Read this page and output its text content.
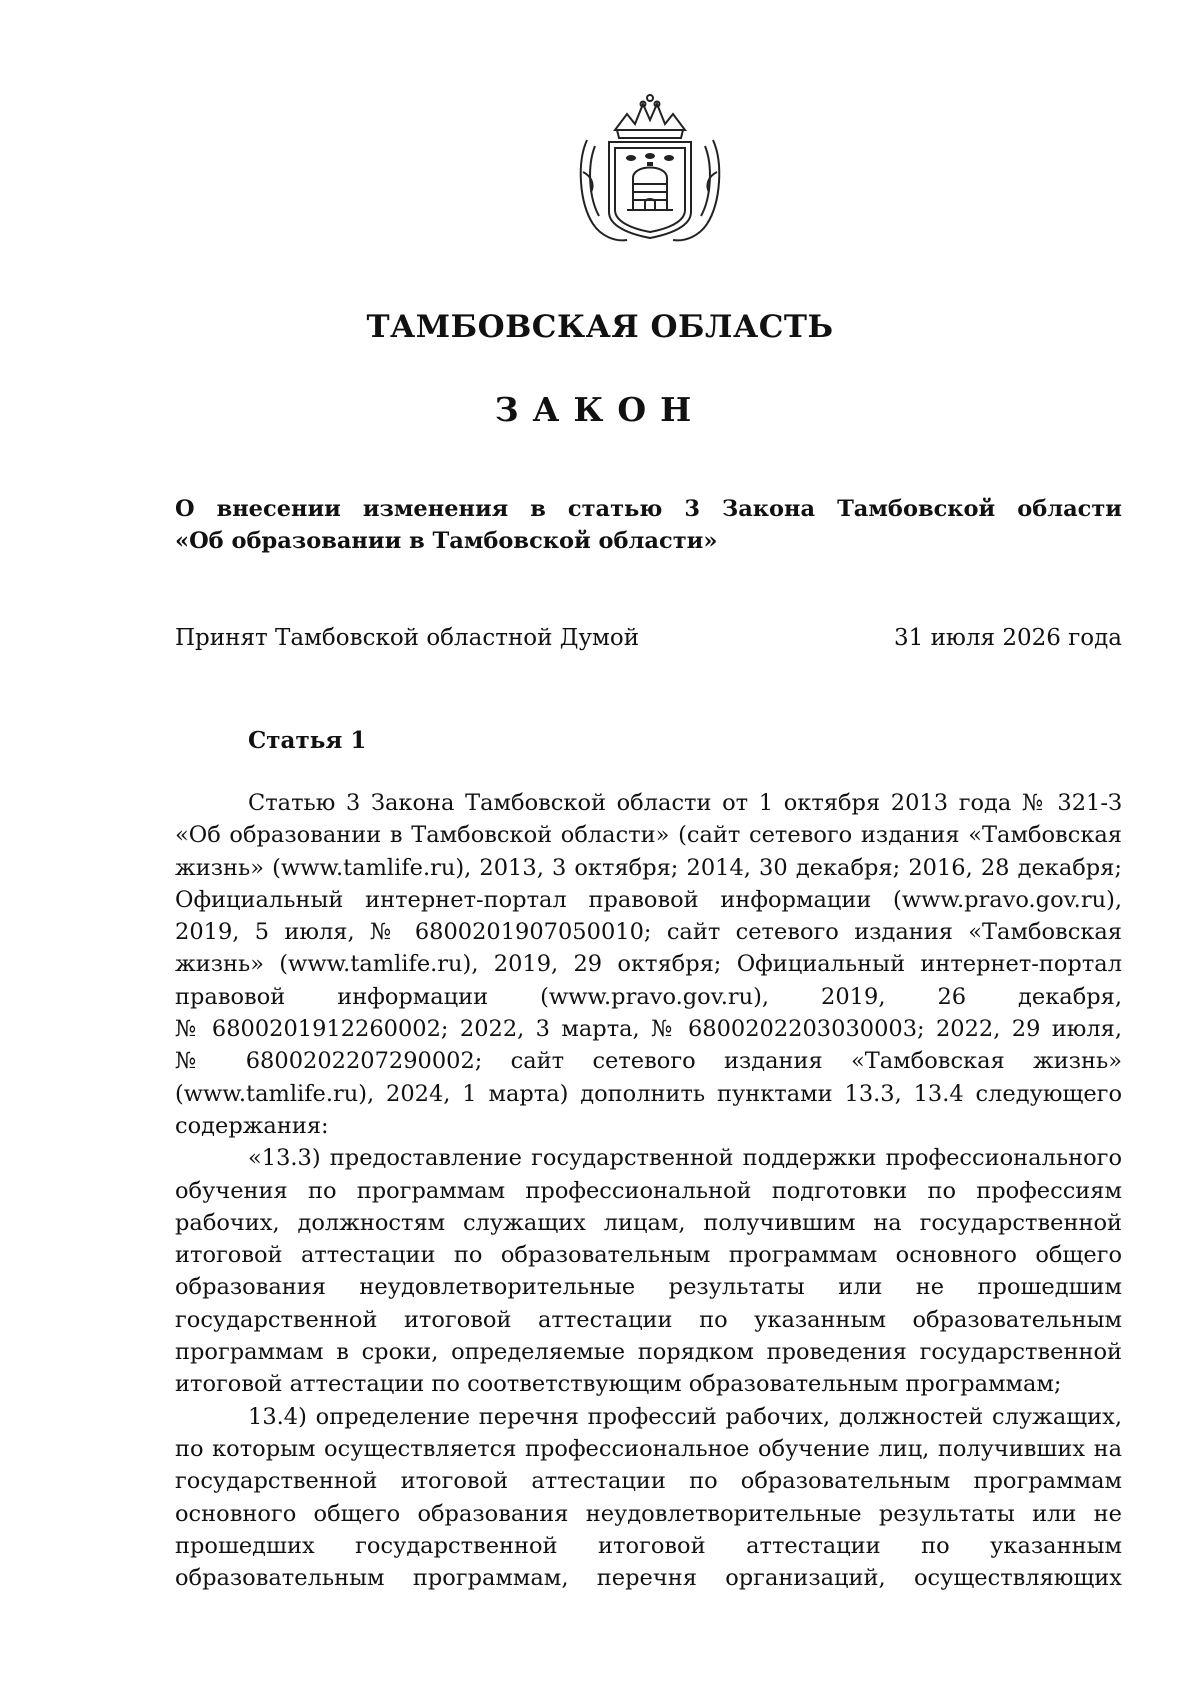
ТАМБОВСКАЯ ОБЛАСТЬ
ЗАКОН
О внесении изменения в статью 3 Закона Тамбовской области
«Об образовании в Тамбовской области»
Принят Тамбовской областной Думой	31 июля 2026 года
Статья 1
Статью 3 Закона Тамбовской области от 1 октября 2013 года № 321-З
«Об образовании в Тамбовской области» (сайт сетевого издания «Тамбовская
жизнь» (www.tamlife.ru), 2013, 3 октября; 2014, 30 декабря; 2016, 28 декабря;
Официальный интернет-портал правовой информации (www.pravo.gov.ru),
2019, 5 июля, № 6800201907050010; сайт сетевого издания «Тамбовская
жизнь» (www.tamlife.ru), 2019, 29 октября; Официальный интернет-портал
правовой информации (www.pravo.gov.ru), 2019, 26 декабря,
№ 6800201912260002; 2022, 3 марта, № 6800202203030003; 2022, 29 июля,
№ 6800202207290002; сайт сетевого издания «Тамбовская жизнь»
(www.tamlife.ru), 2024, 1 марта) дополнить пунктами 13.3, 13.4 следующего
содержания:
«13.3) предоставление государственной поддержки профессионального
обучения по программам профессиональной подготовки по профессиям
рабочих, должностям служащих лицам, получившим на государственной
итоговой аттестации по образовательным программам основного общего
образования неудовлетворительные результаты или не прошедшим
государственной итоговой аттестации по указанным образовательным
программам в сроки, определяемые порядком проведения государственной
итоговой аттестации по соответствующим образовательным программам;
13.4) определение перечня профессий рабочих, должностей служащих,
по которым осуществляется профессиональное обучение лиц, получивших на
государственной итоговой аттестации по образовательным программам
основного общего образования неудовлетворительные результаты или не
прошедших государственной итоговой аттестации по указанным
образовательным программам, перечня организаций, осуществляющих
